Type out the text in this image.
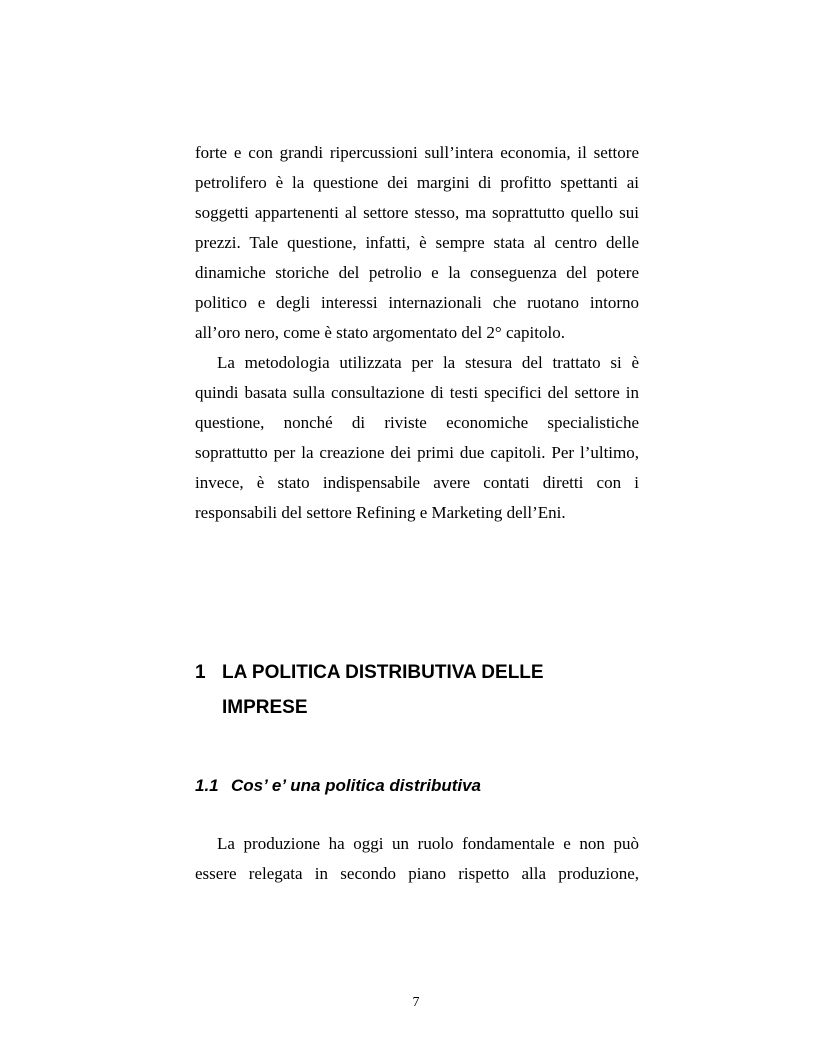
forte e con grandi ripercussioni sull’intera economia, il settore
petrolifero è la questione dei margini di profitto spettanti ai
soggetti appartenenti al settore stesso, ma soprattutto quello sui
prezzi. Tale questione, infatti, è sempre stata al centro delle
dinamiche storiche del petrolio e la conseguenza del potere
politico e degli interessi internazionali che ruotano intorno
all’oro nero, come è stato argomentato del 2° capitolo.
La metodologia utilizzata per la stesura del trattato si è
quindi basata sulla consultazione di testi specifici del settore in
questione, nonché di riviste economiche specialistiche
soprattutto per la creazione dei primi due capitoli. Per l’ultimo,
invece, è stato indispensabile avere contati diretti con i
responsabili del settore Refining e Marketing dell’Eni.
1 LA POLITICA DISTRIBUTIVA DELLE
IMPRESE
1.1 Cos’ e’ una politica distributiva
La produzione ha oggi un ruolo fondamentale e non può
essere relegata in secondo piano rispetto alla produzione,
7
